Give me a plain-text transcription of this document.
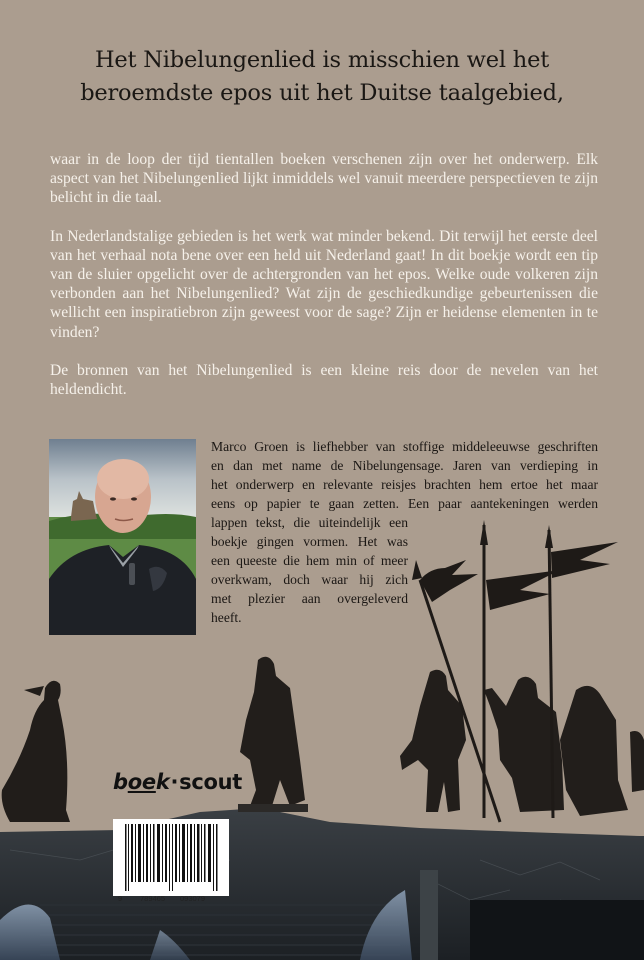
Het Nibelungenlied is misschien wel het
beroemdste epos uit het Duitse taalgebied,

waar in de loop der tijd tientallen boeken verschenen zijn over het onderwerp. Elk aspect van het Nibelungenlied lijkt inmiddels wel vanuit meerdere perspectieven te zijn belicht in die taal.

In Nederlandstalige gebieden is het werk wat minder bekend. Dit terwijl het eerste deel van het verhaal nota bene over een held uit Nederland gaat! In dit boekje wordt een tip van de sluier opgelicht over de achtergronden van het epos. Welke oude volkeren zijn verbonden aan het Nibelungenlied? Wat zijn de geschiedkundige gebeurtenissen die wellicht een inspiratiebron zijn geweest voor de sage? Zijn er heidense elementen in te vinden?

De bronnen van het Nibelungenlied is een kleine reis door de nevelen van het heldendicht.

Marco Groen is liefhebber van stoffige middeleeuwse geschriften
en dan met name de Nibelungensage. Jaren van verdieping in
het onderwerp en relevante reisjes brachten hem ertoe het maar
eens op papier te gaan zetten. Een paar aantekeningen werden
lappen tekst, die uiteindelijk een
boekje gingen vormen. Het was
een queeste die hem min of meer
overkwam, doch waar hij zich
met plezier aan overgeleverd
heeft.

boek·scout
9 789465 093079
